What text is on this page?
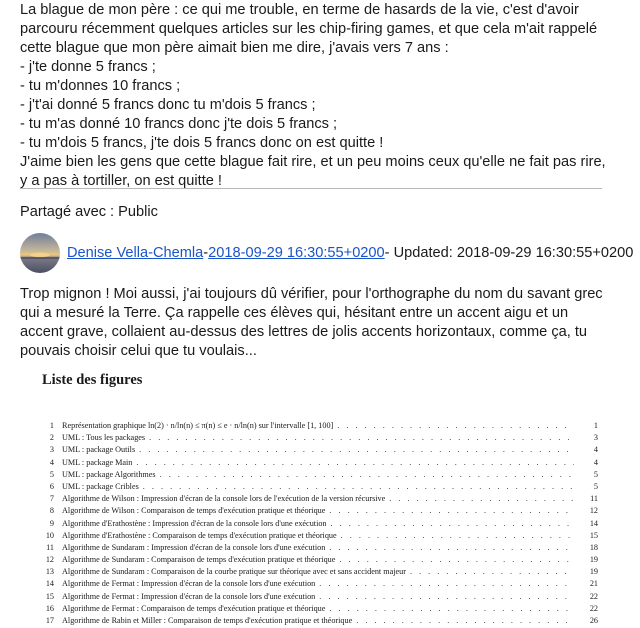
La blague de mon père : ce qui me trouble, en terme de hasards de la vie, c'est d'avoir parcouru récemment quelques articles sur les chip-firing games, et que cela m'ait rappelé cette blague que mon père aimait bien me dire, j'avais vers 7 ans :

- j'te donne 5 francs ;

- tu m'donnes 10 francs ;

- j't'ai donné 5 francs donc tu m'dois 5 francs ;

- tu m'as donné 10 francs donc j'te dois 5 francs ;

- tu m'dois 5 francs, j'te dois 5 francs donc on est quitte !

J'aime bien les gens que cette blague fait rire, et un peu moins ceux qu'elle ne fait pas rire, y a pas à tortiller, on est quitte !

Partagé avec : Public
Denise Vella-Chemla - 2018-09-29 16:30:55+0200 - Updated: 2018-09-29 16:30:55+0200

Trop mignon ! Moi aussi, j'ai toujours dû vérifier, pour l'orthographe du nom du savant grec qui a mesuré la Terre. Ça rappelle ces élèves qui, hésitant entre un accent aigu et un accent grave, collaient au-dessus des lettres de jolis accents horizontaux, comme ça, tu pouvais choisir celui que tu voulais...

Liste des figures
1 Représentation graphique ln(2) · n/ln(n) ≤ π(n) ≤ e · n/ln(n) sur l'intervalle [1, 100] . . .	1
2 UML : Tous les packages . . .	3
3 UML : package Outils . . .	4
4 UML : package Main . . .	4
5 UML : package Algorithmes . . .	5
6 UML : package Cribles . . .	5
7 Algorithme de Wilson : Impression d'écran de la console lors de l'exécution de la version récursive . . .	11
8 Algorithme de Wilson : Comparaison de temps d'exécution pratique et théorique . . .	12
9 Algorithme d'Erathostène : Impression d'écran de la console lors d'une exécution . . .	14
10 Algorithme d'Erathostène : Comparaison de temps d'exécution pratique et théorique . . .	15
11 Algorithme de Sundaram : Impression d'écran de la console lors d'une exécution . . .	18
12 Algorithme de Sundaram : Comparaison de temps d'exécution pratique et théorique . . .	19
13 Algorithme de Sundaram : Comparaison de la courbe pratique sur théorique avec et sans accident majeur . . .	19
14 Algorithme de Fermat : Impression d'écran de la console lors d'une exécution . . .	21
15 Algorithme de Fermat : Impression d'écran de la console lors d'une exécution . . .	22
16 Algorithme de Fermat : Comparaison de temps d'exécution pratique et théorique . . .	22
17 Algorithme de Rabin et Miller : Comparaison de temps d'exécution pratique et théorique . . .	26
